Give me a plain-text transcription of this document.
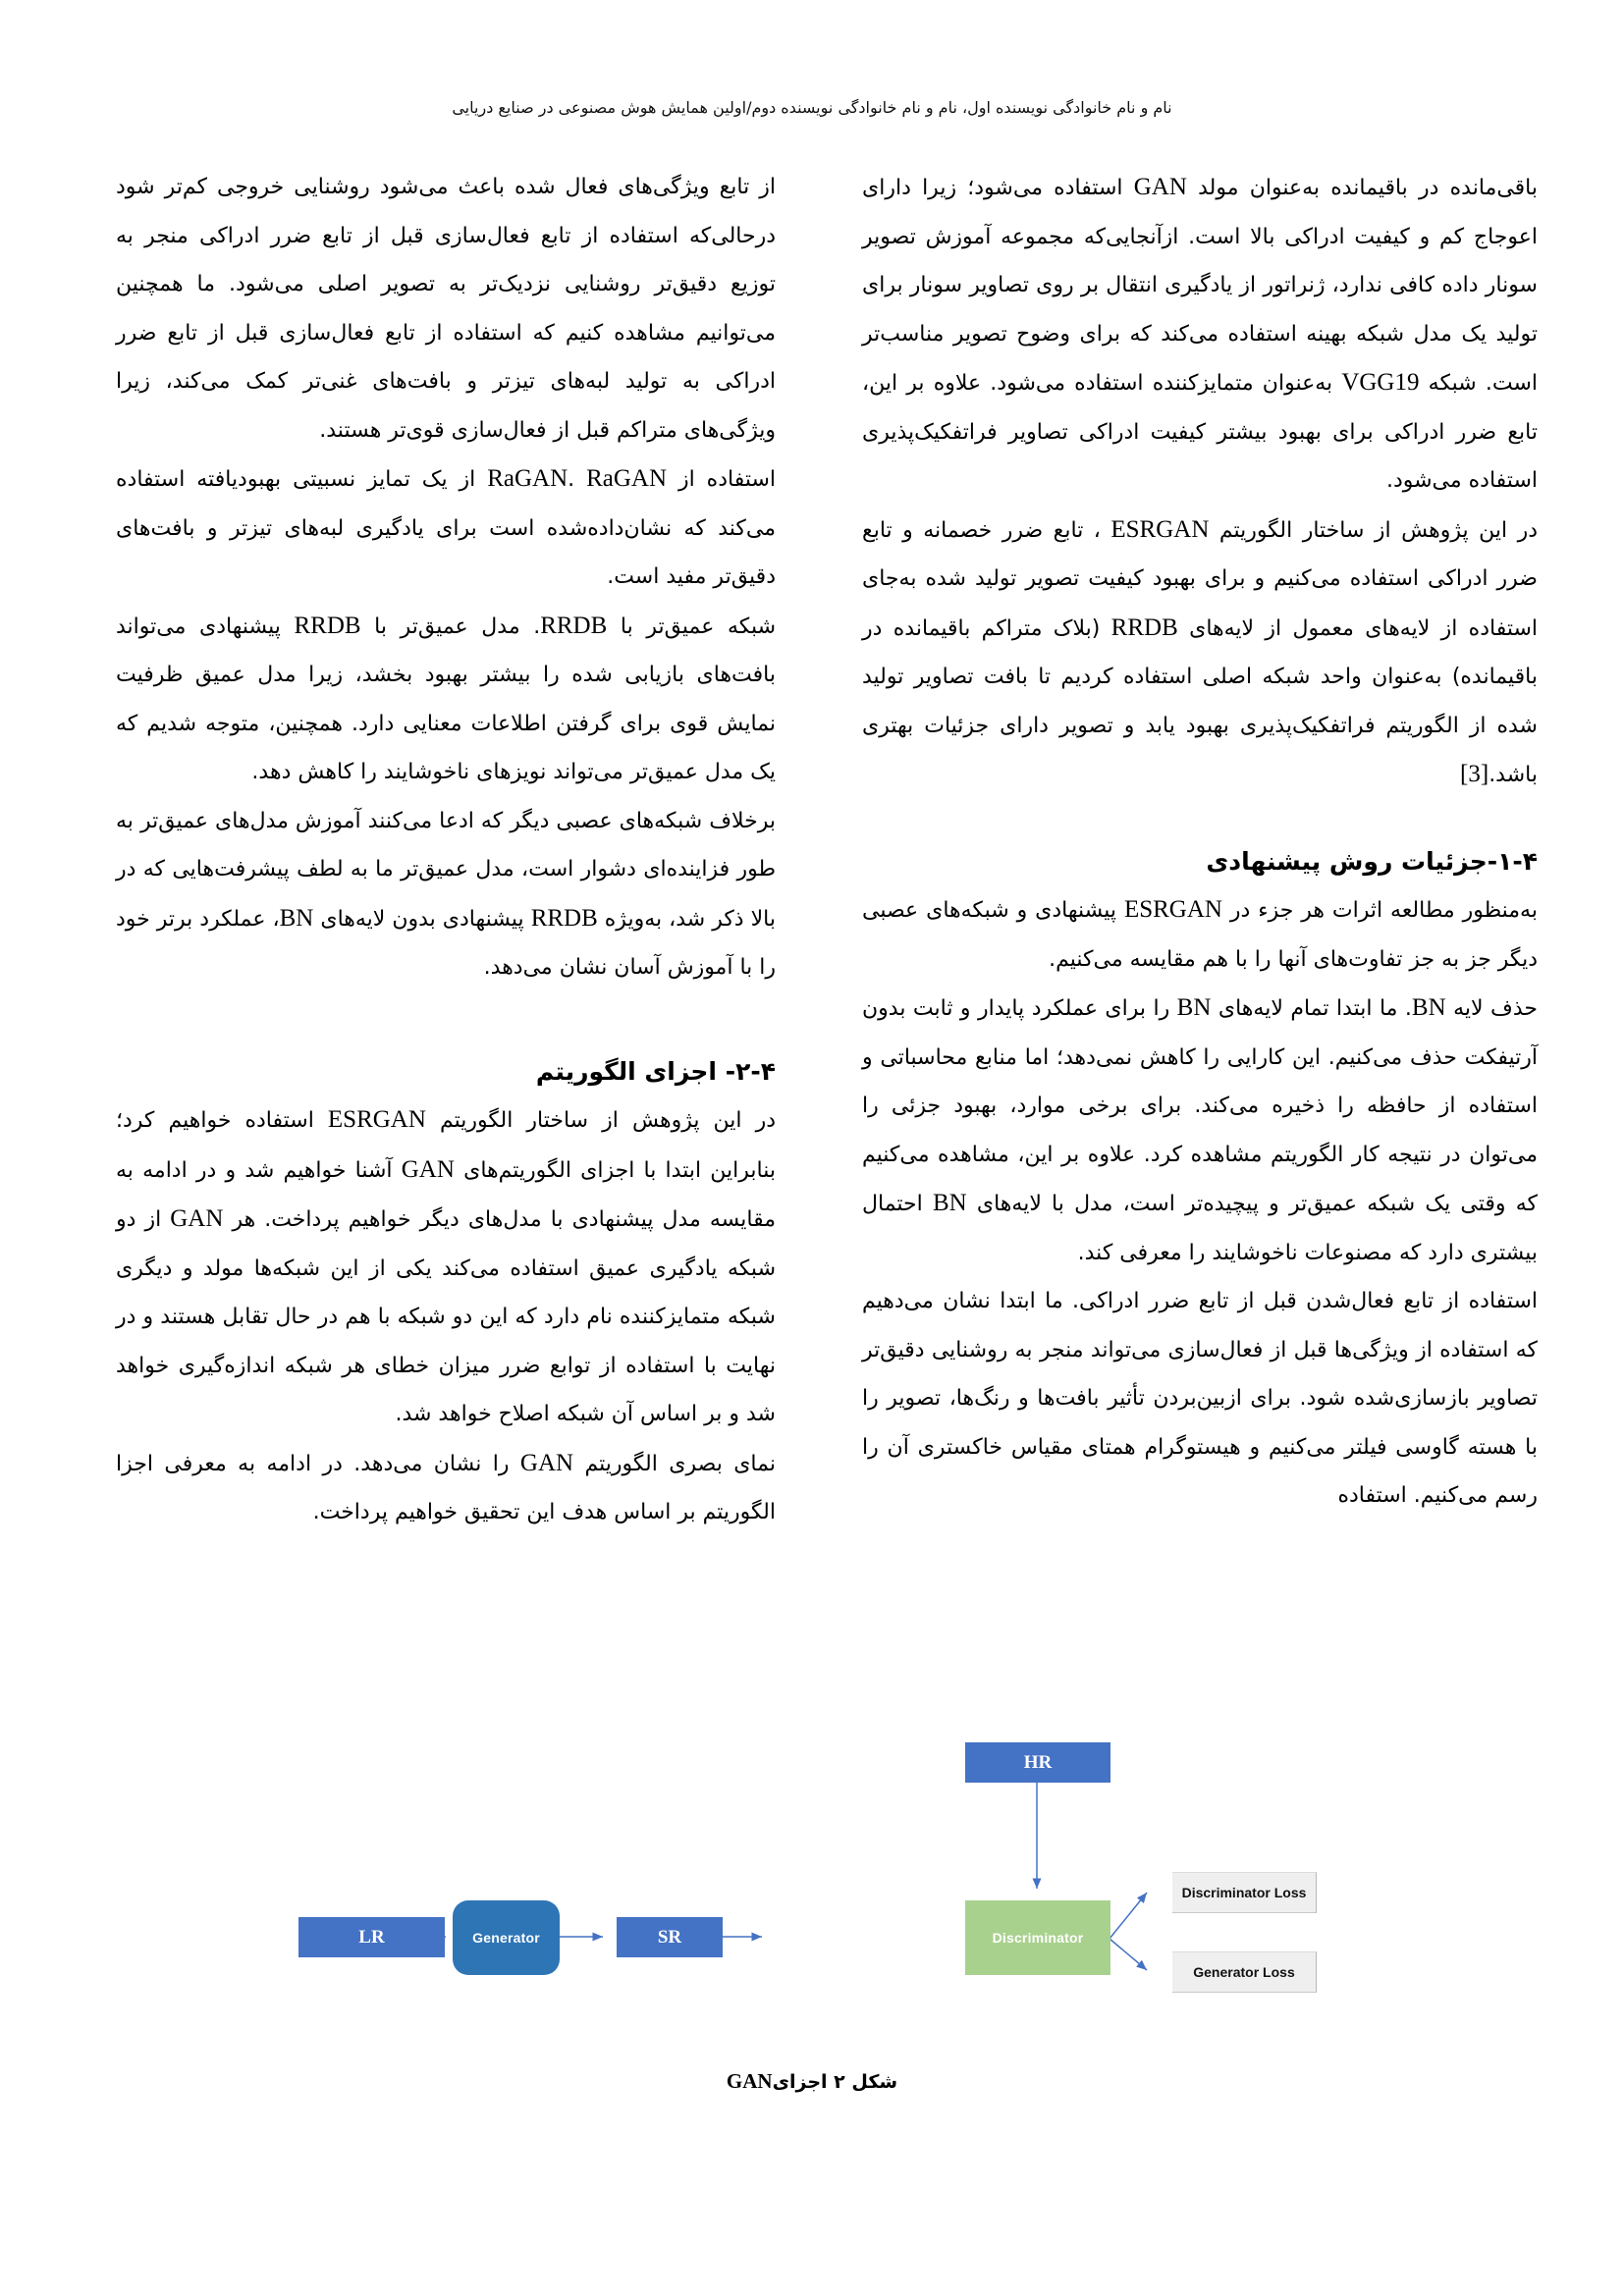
نام و نام خانوادگی نویسنده اول، نام و نام خانوادگی نویسنده دوم/اولین همایش هوش مصنوعی در صنایع دریایی

باقی‌مانده در باقیمانده به‌عنوان مولد GAN استفاده می‌شود؛ زیرا دارای اعوجاج کم و کیفیت ادراکی بالا است. ازآنجایی‌که مجموعه آموزش تصویر سونار داده کافی ندارد، ژنراتور از یادگیری انتقال بر روی تصاویر سونار برای تولید یک مدل شبکه بهینه استفاده می‌کند که برای وضوح تصویر مناسب‌تر است. شبکه VGG19 به‌عنوان متمایزکننده استفاده می‌شود. علاوه بر این، تابع ضرر ادراکی برای بهبود بیشتر کیفیت ادراکی تصاویر فراتفکیک‌پذیری استفاده می‌شود.

در این پژوهش از ساختار الگوریتم ESRGAN ، تابع ضرر خصمانه و تابع ضرر ادراکی استفاده می‌کنیم و برای بهبود کیفیت تصویر تولید شده به‌جای استفاده از لایه‌های معمول از لایه‌های RRDB (بلاک متراکم باقیمانده در باقیمانده) به‌عنوان واحد شبکه اصلی استفاده کردیم تا بافت تصاویر تولید شده از الگوریتم فراتفکیک‌پذیری بهبود یابد و تصویر دارای جزئیات بهتری باشد.[3]

۱-۴-جزئیات روش پیشنهادی

به‌منظور مطالعه اثرات هر جزء در ESRGAN پیشنهادی و شبکه‌های عصبی دیگر جز به جز تفاوت‌های آنها را با هم مقایسه می‌کنیم.

حذف لایه BN. ما ابتدا تمام لایه‌های BN را برای عملکرد پایدار و ثابت بدون آرتیفکت حذف می‌کنیم. این کارایی را کاهش نمی‌دهد؛ اما منابع محاسباتی و استفاده از حافظه را ذخیره می‌کند. برای برخی موارد، بهبود جزئی را می‌توان در نتیجه کار الگوریتم مشاهده کرد. علاوه بر این، مشاهده می‌کنیم که وقتی یک شبکه عمیق‌تر و پیچیده‌تر است، مدل با لایه‌های BN احتمال بیشتری دارد که مصنوعات ناخوشایند را معرفی کند.

استفاده از تابع فعال‌شدن قبل از تابع ضرر ادراکی. ما ابتدا نشان می‌دهیم که استفاده از ویژگی‌ها قبل از فعال‌سازی می‌تواند منجر به روشنایی دقیق‌تر تصاویر بازسازی‌شده شود. برای ازبین‌بردن تأثیر بافت‌ها و رنگ‌ها، تصویر را با هسته گاوسی فیلتر می‌کنیم و هیستوگرام همتای مقیاس خاکستری آن را رسم می‌کنیم. استفاده

از تابع ویژگی‌های فعال شده باعث می‌شود روشنایی خروجی کم‌تر شود درحالی‌که استفاده از تابع فعال‌سازی قبل از تابع ضرر ادراکی منجر به توزیع دقیق‌تر روشنایی نزدیک‌تر به تصویر اصلی می‌شود. ما همچنین می‌توانیم مشاهده کنیم که استفاده از تابع فعال‌سازی قبل از تابع ضرر ادراکی به تولید لبه‌های تیزتر و بافت‌های غنی‌تر کمک می‌کند، زیرا ویژگی‌های متراکم قبل از فعال‌سازی قوی‌تر هستند.

استفاده از RaGAN. RaGAN از یک تمایز نسبیتی بهبودیافته استفاده می‌کند که نشان‌داده‌شده است برای یادگیری لبه‌های تیزتر و بافت‌های دقیق‌تر مفید است.

شبکه عمیق‌تر با RRDB. مدل عمیق‌تر با RRDB پیشنهادی می‌تواند بافت‌های بازیابی شده را بیشتر بهبود بخشد، زیرا مدل عمیق ظرفیت نمایش قوی برای گرفتن اطلاعات معنایی دارد. همچنین، متوجه شدیم که یک مدل عمیق‌تر می‌تواند نویزهای ناخوشایند را کاهش دهد.

برخلاف شبکه‌های عصبی دیگر که ادعا می‌کنند آموزش مدل‌های عمیق‌تر به طور فزاینده‌ای دشوار است، مدل عمیق‌تر ما به لطف پیشرفت‌هایی که در بالا ذکر شد، به‌ویژه RRDB پیشنهادی بدون لایه‌های BN، عملکرد برتر خود را با آموزش آسان نشان می‌دهد.

۲-۴- اجزای الگوریتم

در این پژوهش از ساختار الگوریتم ESRGAN استفاده خواهیم کرد؛ بنابراین ابتدا با اجزای الگوریتم‌های GAN آشنا خواهیم شد و در ادامه به مقایسه مدل پیشنهادی با مدل‌های دیگر خواهیم پرداخت. هر GAN از دو شبکه یادگیری عمیق استفاده می‌کند یکی از این شبکه‌ها مولد و دیگری شبکه متمایزکننده نام دارد که این دو شبکه با هم در حال تقابل هستند و در نهایت با استفاده از توابع ضرر میزان خطای هر شبکه اندازه‌گیری خواهد شد و بر اساس آن شبکه اصلاح خواهد شد.

نمای بصری الگوریتم GAN را نشان می‌دهد. در ادامه به معرفی اجزا الگوریتم بر اساس هدف این تحقیق خواهیم پرداخت.

LR	Generator	SR
HR
Discriminator
Discriminator Loss
Generator Loss
شکل ۲ اجزایGAN
